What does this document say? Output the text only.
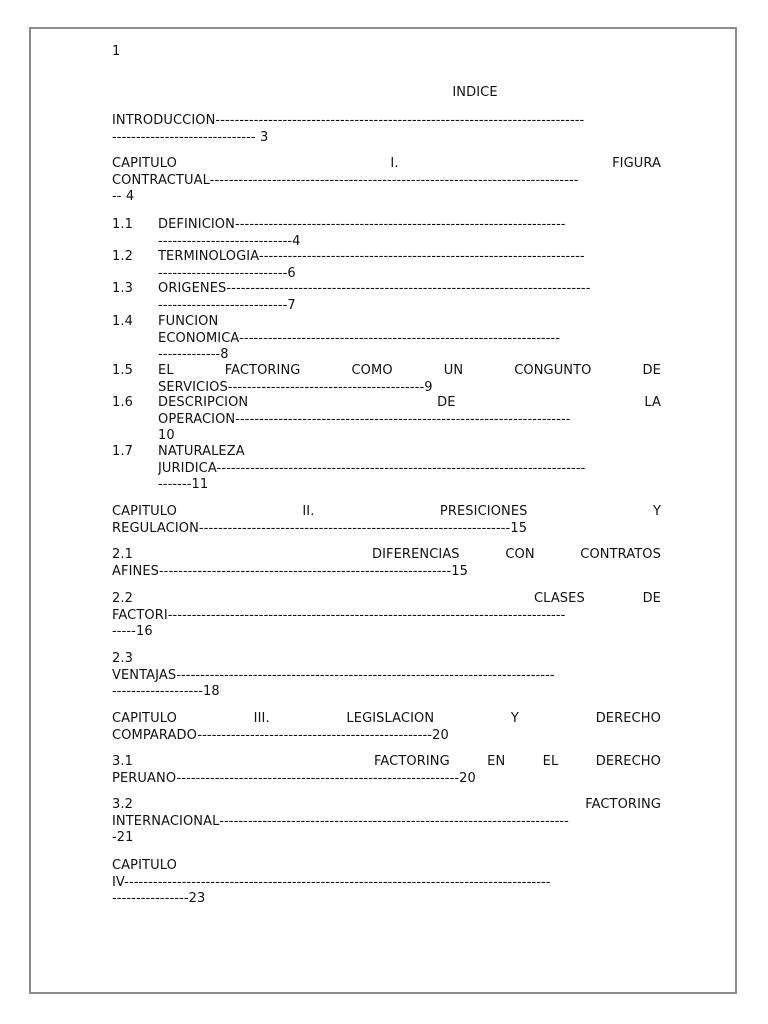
1
INDICE
INTRODUCCION-----------------------------------------------------------------------------
------------------------------ 3
CAPITULO	I.	FIGURA
CONTRACTUAL-----------------------------------------------------------------------------
-- 4
1.1 DEFINICION---------------------------------------------------------------------
----------------------------4
1.2 TERMINOLOGIA--------------------------------------------------------------------
---------------------------6
1.3 ORIGENES----------------------------------------------------------------------------
---------------------------7
1.4 FUNCION
ECONOMICA-------------------------------------------------------------------
-------------8
1.5 EL	FACTORING	COMO	UN	CONGUNTO	DE
SERVICIOS-----------------------------------------9
1.6 DESCRIPCION	DE	LA
OPERACIÓN----------------------------------------------------------------------
10
1.7 NATURALEZA
JURIDICA-----------------------------------------------------------------------------
-------11
CAPITULO	II.	PRESICIONES	Y
REGULACION-----------------------------------------------------------------15
2.1	DIFERENCIAS	CON	CONTRATOS
AFINES-------------------------------------------------------------15
2.2	CLASES	DE
FACTORI-----------------------------------------------------------------------------------
-----16
2.3
VENTAJAS-------------------------------------------------------------------------------
-------------------18
CAPITULO	III.	LEGISLACION	Y	DERECHO
COMPARADO-------------------------------------------------20
3.1	FACTORING	EN	EL	DERECHO
PERUANO-----------------------------------------------------------20
3.2	FACTORING
INTERNACIONAL-------------------------------------------------------------------------
-21
CAPITULO
IV-----------------------------------------------------------------------------------------
----------------23
